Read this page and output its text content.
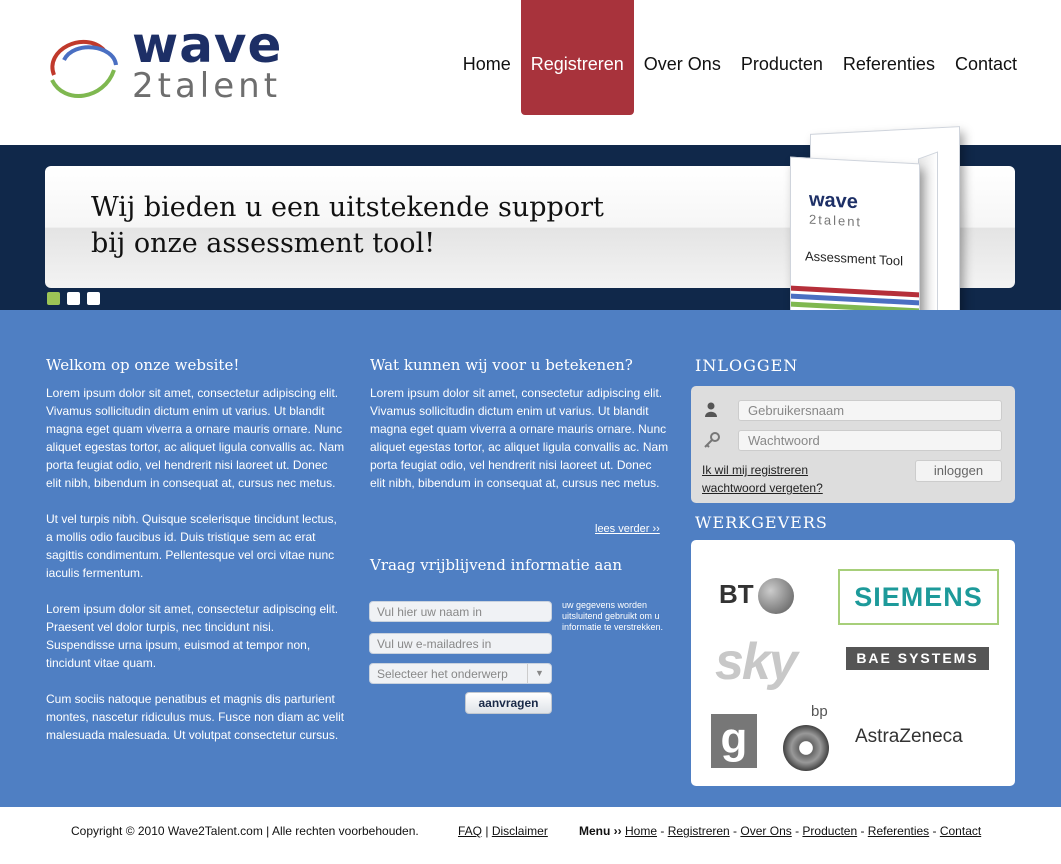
wave
2talent
Home	Registreren	Over Ons	Producten	Referenties	Contact
Wij bieden u een uitstekende support
bij onze assessment tool!
wave
2talent
Assessment Tool
Welkom op onze website!

Lorem ipsum dolor sit amet, consectetur adipiscing elit. Vivamus sollicitudin dictum enim ut varius. Ut blandit magna eget quam viverra a ornare mauris ornare. Nunc aliquet egestas tortor, ac aliquet ligula convallis ac. Nam porta feugiat odio, vel hendrerit nisi laoreet ut. Donec elit nibh, bibendum in consequat at, cursus nec metus.

Ut vel turpis nibh. Quisque scelerisque tincidunt lectus, a mollis odio faucibus id. Duis tristique sem ac erat sagittis condimentum. Pellentesque vel orci vitae nunc iaculis fermentum.

Lorem ipsum dolor sit amet, consectetur adipiscing elit. Praesent vel dolor turpis, nec tincidunt nisi. Suspendisse urna ipsum, euismod at tempor non, tincidunt vitae quam.

Cum sociis natoque penatibus et magnis dis parturient montes, nascetur ridiculus mus. Fusce non diam ac velit malesuada malesuada. Ut volutpat consectetur cursus.

Wat kunnen wij voor u betekenen?

Lorem ipsum dolor sit amet, consectetur adipiscing elit. Vivamus sollicitudin dictum enim ut varius. Ut blandit magna eget quam viverra a ornare mauris ornare. Nunc aliquet egestas tortor, ac aliquet ligula convallis ac. Nam porta feugiat odio, vel hendrerit nisi laoreet ut. Donec elit nibh, bibendum in consequat at, cursus nec metus.

lees verder ››
Vraag vrijblijvend informatie aan
Vul hier uw naam in
Vul uw e-mailadres in
Selecteer het onderwerp	▼
uw gegevens worden uitsluitend gebruikt om u informatie te verstrekken.
aanvragen
INLOGGEN
Gebruikersnaam
Wachtwoord
Ik wil mij registreren
wachtwoord vergeten?
inloggen
WERKGEVERS
BT	SIEMENS
sky	BAE SYSTEMS
g
bp
AstraZeneca
Copyright © 2010 Wave2Talent.com | Alle rechten voorbehouden.	FAQ | Disclaimer	Menu ›› Home - Registreren - Over Ons - Producten - Referenties - Contact
